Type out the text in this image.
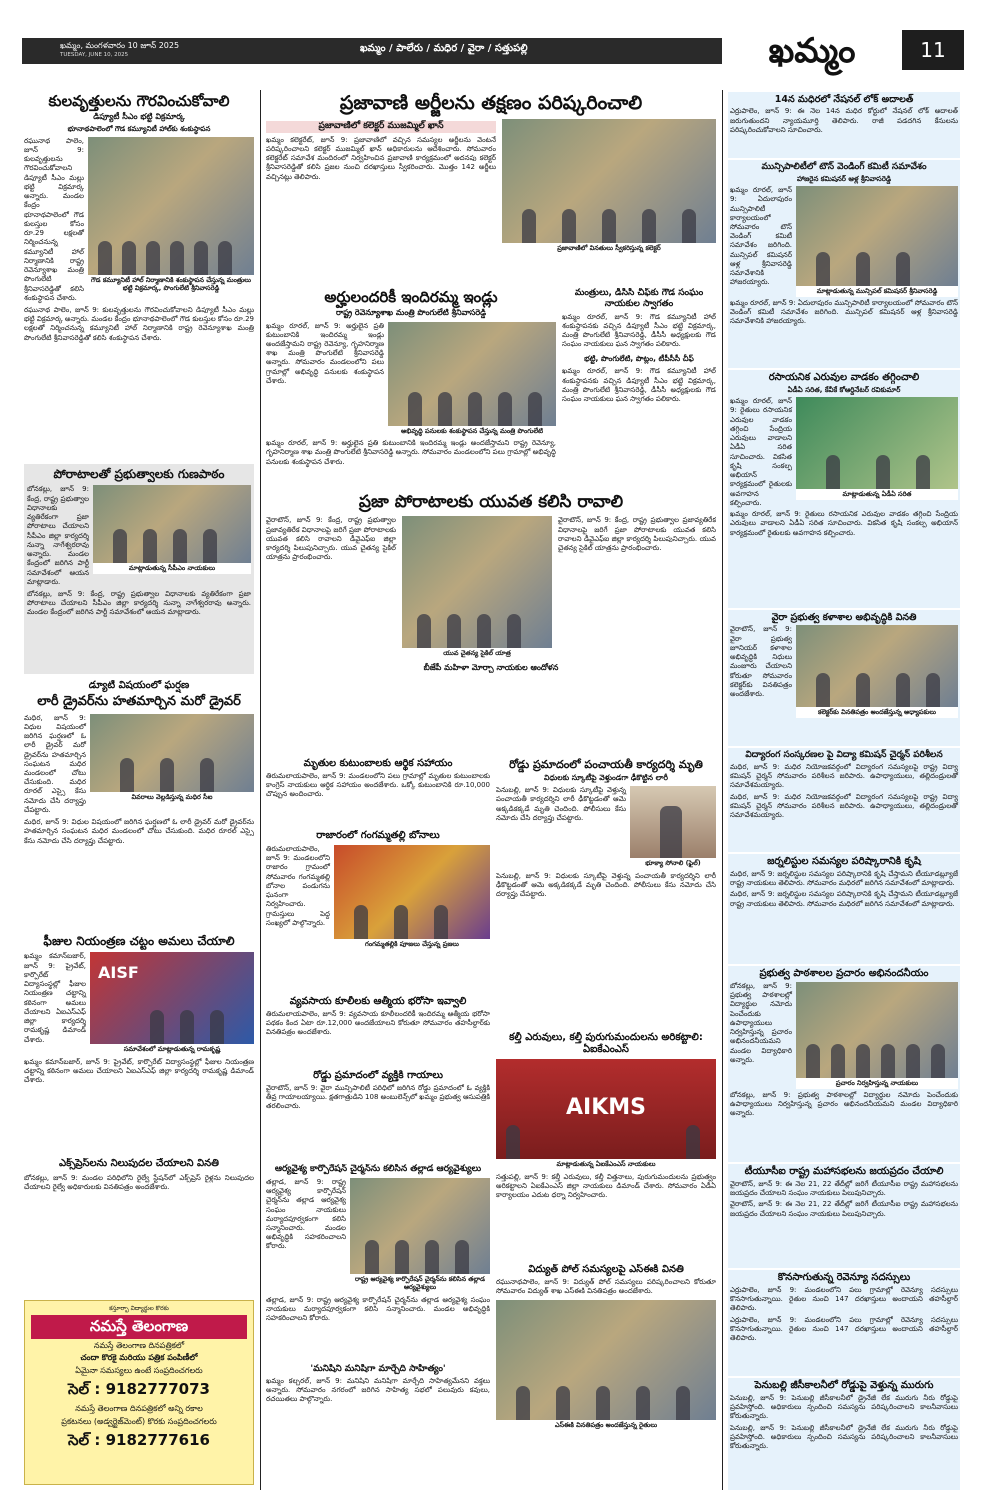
ఖమ్మం, మంగళవారం 10 జూన్ 2025
TUESDAY, JUNE 10, 2025
ఖమ్మం / పాలేరు / మధిర / వైరా / సత్తుపల్లి	ఖమ్మం	11
కులవృత్తులను గౌరవించుకోవాలి
డిప్యూటీ సీఎం భట్టి విక్రమార్క
భూనాథపాలెంలో గౌడ కమ్యూనిటీ హాల్‌కు శంకుస్థాపన
రఘునాథ పాలెం, జూన్ 9: కులవృత్తులను గౌరవించుకోవాలని డిప్యూటీ సీఎం మల్లు భట్టి విక్రమార్క అన్నారు. మండల కేంద్రం భూనాథపాలెంలో గౌడ కులస్తుల కోసం రూ.29 లక్షలతో నిర్మించనున్న కమ్యూనిటీ హాల్ నిర్మాణానికి రాష్ట్ర రెవెన్యూశాఖ మంత్రి పొంగులేటి శ్రీనివాసరెడ్డితో కలిసి శంకుస్థాపన చేశారు.
గౌడ కమ్యూనిటీ హాల్ నిర్మాణానికి శంకుస్థాపన చేస్తున్న మంత్రులు భట్టి విక్రమార్క, పొంగులేటి శ్రీనివాసరెడ్డి
రఘునాథ పాలెం, జూన్ 9: కులవృత్తులను గౌరవించుకోవాలని డిప్యూటీ సీఎం మల్లు భట్టి విక్రమార్క అన్నారు. మండల కేంద్రం భూనాథపాలెంలో గౌడ కులస్తుల కోసం రూ.29 లక్షలతో నిర్మించనున్న కమ్యూనిటీ హాల్ నిర్మాణానికి రాష్ట్ర రెవెన్యూశాఖ మంత్రి పొంగులేటి శ్రీనివాసరెడ్డితో కలిసి శంకుస్థాపన చేశారు.
పోరాటాలతో ప్రభుత్వాలకు గుణపాఠం
బోనకల్లు, జూన్ 9: కేంద్ర, రాష్ట్ర ప్రభుత్వాల విధానాలకు వ్యతిరేకంగా ప్రజా పోరాటాలు చేయాలని సీపీఎం జిల్లా కార్యదర్శి నున్నా నాగేశ్వరరావు అన్నారు. మండల కేంద్రంలో జరిగిన పార్టీ సమావేశంలో ఆయన మాట్లాడారు.
మాట్లాడుతున్న సీపీఎం నాయకులు
బోనకల్లు, జూన్ 9: కేంద్ర, రాష్ట్ర ప్రభుత్వాల విధానాలకు వ్యతిరేకంగా ప్రజా పోరాటాలు చేయాలని సీపీఎం జిల్లా కార్యదర్శి నున్నా నాగేశ్వరరావు అన్నారు. మండల కేంద్రంలో జరిగిన పార్టీ సమావేశంలో ఆయన మాట్లాడారు.
డ్యూటీ విషయంలో ఘర్షణ
లారీ డ్రైవర్‌ను హతమార్చిన మరో డ్రైవర్
మధిర, జూన్ 9: విధుల విషయంలో జరిగిన ఘర్షణలో ఓ లారీ డ్రైవర్ మరో డ్రైవర్‌ను హతమార్చిన సంఘటన మధిర మండలంలో చోటు చేసుకుంది. మధిర రూరల్ ఎస్సై కేసు నమోదు చేసి దర్యాప్తు చేపట్టారు.
వివరాలు వెల్లడిస్తున్న మధిర సీఐ
మధిర, జూన్ 9: విధుల విషయంలో జరిగిన ఘర్షణలో ఓ లారీ డ్రైవర్ మరో డ్రైవర్‌ను హతమార్చిన సంఘటన మధిర మండలంలో చోటు చేసుకుంది. మధిర రూరల్ ఎస్సై కేసు నమోదు చేసి దర్యాప్తు చేపట్టారు.
ఫీజుల నియంత్రణ చట్టం అమలు చేయాలి
ఖమ్మం కమాన్‌బజార్, జూన్ 9: ప్రైవేట్, కార్పొరేట్ విద్యాసంస్థల్లో ఫీజుల నియంత్రణ చట్టాన్ని కఠినంగా అమలు చేయాలని ఏఐఎస్ఎఫ్ జిల్లా కార్యదర్శి రామకృష్ణ డిమాండ్ చేశారు.
AISF
సమావేశంలో మాట్లాడుతున్న రామకృష్ణ
ఖమ్మం కమాన్‌బజార్, జూన్ 9: ప్రైవేట్, కార్పొరేట్ విద్యాసంస్థల్లో ఫీజుల నియంత్రణ చట్టాన్ని కఠినంగా అమలు చేయాలని ఏఐఎస్ఎఫ్ జిల్లా కార్యదర్శి రామకృష్ణ డిమాండ్ చేశారు.
ఎక్స్‌ప్రెస్‌లను నిలుపుదల చేయాలని వినతి
బోనకల్లు, జూన్ 9: మండల పరిధిలోని రైల్వే స్టేషన్‌లో ఎక్స్‌ప్రెస్ రైళ్లను నిలుపుదల చేయాలని రైల్వే అధికారులకు వినతిపత్రం అందజేశారు.
కస్తూర్బా విద్యార్థుల కొరకు
నమస్తే తెలంగాణ
నమస్తే తెలంగాణ దినపత్రికలో
చందా కొరకై మరియు పత్రిక పంపిణీలో
ఏమైనా సమస్యలు ఉంటే సంప్రదించగలరు
సెల్ : 9182777073
నమస్తే తెలంగాణ దినపత్రికలో అన్ని రకాల
ప్రకటనలు (అడ్వర్టైజ్‌మెంట్) కొరకు సంప్రదించగలరు
సెల్ : 9182777616
ప్రజావాణి అర్జీలను తక్షణం పరిష్కరించాలి
ప్రజావాణిలో కలెక్టర్ ముజమ్మిల్ ఖాన్
ఖమ్మం కలెక్టరేట్, జూన్ 9: ప్రజావాణిలో వచ్చిన సమస్యల అర్జీలను వెంటనే పరిష్కరించాలని కలెక్టర్ ముజమ్మిల్ ఖాన్ అధికారులను ఆదేశించారు. సోమవారం కలెక్టరేట్ సమావేశ మందిరంలో నిర్వహించిన ప్రజావాణి కార్యక్రమంలో అదనపు కలెక్టర్ శ్రీనివాసరెడ్డితో కలిసి ప్రజల నుంచి దరఖాస్తులు స్వీకరించారు. మొత్తం 142 అర్జీలు వచ్చినట్లు తెలిపారు.
ప్రజావాణిలో వినతులు స్వీకరిస్తున్న కలెక్టర్
అర్హులందరికీ ఇందిరమ్మ ఇండ్లు
రాష్ట్ర రెవెన్యూశాఖ మంత్రి పొంగులేటి శ్రీనివాసరెడ్డి
ఖమ్మం రూరల్, జూన్ 9: అర్హులైన ప్రతి కుటుంబానికి ఇందిరమ్మ ఇండ్లు అందజేస్తామని రాష్ట్ర రెవెన్యూ, గృహనిర్మాణ శాఖ మంత్రి పొంగులేటి శ్రీనివాసరెడ్డి అన్నారు. సోమవారం మండలంలోని పలు గ్రామాల్లో అభివృద్ధి పనులకు శంకుస్థాపన చేశారు.
అభివృద్ధి పనులకు శంకుస్థాపన చేస్తున్న మంత్రి పొంగులేటి
ఖమ్మం రూరల్, జూన్ 9: అర్హులైన ప్రతి కుటుంబానికి ఇందిరమ్మ ఇండ్లు అందజేస్తామని రాష్ట్ర రెవెన్యూ, గృహనిర్మాణ శాఖ మంత్రి పొంగులేటి శ్రీనివాసరెడ్డి అన్నారు. సోమవారం మండలంలోని పలు గ్రామాల్లో అభివృద్ధి పనులకు శంకుస్థాపన చేశారు.
మంత్రులు, డీసీసీ చీఫ్‌కు గౌడ సంఘం నాయకుల స్వాగతం
ఖమ్మం రూరల్, జూన్ 9: గౌడ కమ్యూనిటీ హాల్ శంకుస్థాపనకు వచ్చిన డిప్యూటీ సీఎం భట్టి విక్రమార్క, మంత్రి పొంగులేటి శ్రీనివాసరెడ్డి, డీసీసీ అధ్యక్షులకు గౌడ సంఘం నాయకులు ఘన స్వాగతం పలికారు.
భట్టి, పొంగులేటి, పొట్లం, టీపీసీసీ చీఫ్
ఖమ్మం రూరల్, జూన్ 9: గౌడ కమ్యూనిటీ హాల్ శంకుస్థాపనకు వచ్చిన డిప్యూటీ సీఎం భట్టి విక్రమార్క, మంత్రి పొంగులేటి శ్రీనివాసరెడ్డి, డీసీసీ అధ్యక్షులకు గౌడ సంఘం నాయకులు ఘన స్వాగతం పలికారు.
ప్రజా పోరాటాలకు యువత కలిసి రావాలి
వైరాటౌన్, జూన్ 9: కేంద్ర, రాష్ట్ర ప్రభుత్వాల ప్రజావ్యతిరేక విధానాలపై జరిగే ప్రజా పోరాటాలకు యువత కలిసి రావాలని డీవైఎఫ్ఐ జిల్లా కార్యదర్శి పిలుపునిచ్చారు. యువ చైతన్య సైకిల్ యాత్రను ప్రారంభించారు.
యువ చైతన్య సైకిల్ యాత్ర
వైరాటౌన్, జూన్ 9: కేంద్ర, రాష్ట్ర ప్రభుత్వాల ప్రజావ్యతిరేక విధానాలపై జరిగే ప్రజా పోరాటాలకు యువత కలిసి రావాలని డీవైఎఫ్ఐ జిల్లా కార్యదర్శి పిలుపునిచ్చారు. యువ చైతన్య సైకిల్ యాత్రను ప్రారంభించారు.
బీజేపీ మహిళా మోర్చా నాయకుల ఆందోళన
మృతుల కుటుంబాలకు ఆర్థిక సహాయం
తిరుమలాయపాలెం, జూన్ 9: మండలంలోని పలు గ్రామాల్లో మృతుల కుటుంబాలకు కాంగ్రెస్ నాయకులు ఆర్థిక సహాయం అందజేశారు. ఒక్కో కుటుంబానికి రూ.10,000 చొప్పున అందించారు.
రాజారంలో గంగమ్మతల్లి బోనాలు
తిరుమలాయపాలెం, జూన్ 9: మండలంలోని రాజారం గ్రామంలో సోమవారం గంగమ్మతల్లి బోనాల పండుగను ఘనంగా నిర్వహించారు. గ్రామస్తులు పెద్ద సంఖ్యలో పాల్గొన్నారు.
గంగమ్మతల్లికి పూజలు చేస్తున్న ప్రజలు
వ్యవసాయ కూలీలకు ఆత్మీయ భరోసా ఇవ్వాలి
తిరుమలాయపాలెం, జూన్ 9: వ్యవసాయ కూలీలందరికీ ఇందిరమ్మ ఆత్మీయ భరోసా పథకం కింద ఏటా రూ.12,000 అందజేయాలని కోరుతూ సోమవారం తహసీల్దార్‌కు వినతిపత్రం అందజేశారు.
రోడ్డు ప్రమాదంలో వ్యక్తికి గాయాలు
వైరాటౌన్, జూన్ 9: వైరా మున్సిపాలిటీ పరిధిలో జరిగిన రోడ్డు ప్రమాదంలో ఓ వ్యక్తికి తీవ్ర గాయాలయ్యాయి. క్షతగాత్రుడిని 108 అంబులెన్స్‌లో ఖమ్మం ప్రభుత్వ ఆసుపత్రికి తరలించారు.
ఆర్యవైశ్య కార్పొరేషన్ చైర్మన్‌ను కలిసిన తల్లాడ ఆర్యవైశ్యులు
తల్లాడ, జూన్ 9: రాష్ట్ర ఆర్యవైశ్య కార్పొరేషన్ చైర్మన్‌ను తల్లాడ ఆర్యవైశ్య సంఘం నాయకులు మర్యాదపూర్వకంగా కలిసి సన్మానించారు. మండల అభివృద్ధికి సహకరించాలని కోరారు.
రాష్ట్ర ఆర్యవైశ్య కార్పొరేషన్ చైర్మన్‌ను కలిసిన తల్లాడ ఆర్యవైశ్యులు
తల్లాడ, జూన్ 9: రాష్ట్ర ఆర్యవైశ్య కార్పొరేషన్ చైర్మన్‌ను తల్లాడ ఆర్యవైశ్య సంఘం నాయకులు మర్యాదపూర్వకంగా కలిసి సన్మానించారు. మండల అభివృద్ధికి సహకరించాలని కోరారు.
'మనిషిని మనిషిగా మార్చేది సాహిత్యం'
ఖమ్మం కల్చరల్, జూన్ 9: మనిషిని మనిషిగా మార్చేది సాహిత్యమేనని వక్తలు అన్నారు. సోమవారం నగరంలో జరిగిన సాహిత్య సభలో పలువురు కవులు, రచయితలు పాల్గొన్నారు.
రోడ్డు ప్రమాదంలో పంచాయతీ కార్యదర్శి మృతి
విధులకు స్కూటీపై వెళ్తుండగా ఢీకొట్టిన లారీ
పెనుబల్లి, జూన్ 9: విధులకు స్కూటీపై వెళ్తున్న పంచాయతీ కార్యదర్శిని లారీ ఢీకొట్టడంతో ఆమె అక్కడికక్కడే మృతి చెందింది. పోలీసులు కేసు నమోదు చేసి దర్యాప్తు చేపట్టారు.
భూక్యా సోనాలి (ఫైల్)
పెనుబల్లి, జూన్ 9: విధులకు స్కూటీపై వెళ్తున్న పంచాయతీ కార్యదర్శిని లారీ ఢీకొట్టడంతో ఆమె అక్కడికక్కడే మృతి చెందింది. పోలీసులు కేసు నమోదు చేసి దర్యాప్తు చేపట్టారు.
కల్తీ ఎరువులు, కల్తీ పురుగుమందులను అరికట్టాలి: ఏఐకేఎంఎస్
AIKMS
మాట్లాడుతున్న ఏఐకేఎంఎస్ నాయకులు
సత్తుపల్లి, జూన్ 9: కల్తీ ఎరువులు, కల్తీ విత్తనాలు, పురుగుమందులను ప్రభుత్వం అరికట్టాలని ఏఐకేఎంఎస్ జిల్లా నాయకులు డిమాండ్ చేశారు. సోమవారం ఏడీఏ కార్యాలయం ఎదుట ధర్నా నిర్వహించారు.
విద్యుత్ పోల్ సమస్యలపై ఎస్ఈకి వినతి
రఘునాథపాలెం, జూన్ 9: విద్యుత్ పోల్ సమస్యలు పరిష్కరించాలని కోరుతూ సోమవారం విద్యుత్ శాఖ ఎస్ఈకి వినతిపత్రం అందజేశారు.
ఎస్ఈకి వినతిపత్రం అందజేస్తున్న రైతులు
14న మధిరలో నేషనల్ లోక్ అదాలత్
ఎర్రుపాలెం, జూన్ 9: ఈ నెల 14న మధిర కోర్టులో నేషనల్ లోక్ అదాలత్ జరుగుతుందని న్యాయమూర్తి తెలిపారు. రాజీ పడదగిన కేసులను పరిష్కరించుకోవాలని సూచించారు.
మున్సిపాలిటీలో టౌన్ వెండింగ్ కమిటీ సమావేశం
హాజరైన కమిషనర్ ఆళ్ల శ్రీనివాసరెడ్డి
ఖమ్మం రూరల్, జూన్ 9: ఏదులాపురం మున్సిపాలిటీ కార్యాలయంలో సోమవారం టౌన్ వెండింగ్ కమిటీ సమావేశం జరిగింది. మున్సిపల్ కమిషనర్ ఆళ్ల శ్రీనివాసరెడ్డి సమావేశానికి హాజరయ్యారు.
మాట్లాడుతున్న మున్సిపల్ కమిషనర్ శ్రీనివాసరెడ్డి
ఖమ్మం రూరల్, జూన్ 9: ఏదులాపురం మున్సిపాలిటీ కార్యాలయంలో సోమవారం టౌన్ వెండింగ్ కమిటీ సమావేశం జరిగింది. మున్సిపల్ కమిషనర్ ఆళ్ల శ్రీనివాసరెడ్డి సమావేశానికి హాజరయ్యారు.
రసాయనిక ఎరువుల వాడకం తగ్గించాలి
ఏడీఏ సరిత, కేవీకే కోఆర్డినేటర్ రవికుమార్
ఖమ్మం రూరల్, జూన్ 9: రైతులు రసాయనిక ఎరువుల వాడకం తగ్గించి సేంద్రియ ఎరువులు వాడాలని ఏడీఏ సరిత సూచించారు. వికసిత కృషి సంకల్ప అభియాన్ కార్యక్రమంలో రైతులకు అవగాహన కల్పించారు.
మాట్లాడుతున్న ఏడీఏ సరిత
ఖమ్మం రూరల్, జూన్ 9: రైతులు రసాయనిక ఎరువుల వాడకం తగ్గించి సేంద్రియ ఎరువులు వాడాలని ఏడీఏ సరిత సూచించారు. వికసిత కృషి సంకల్ప అభియాన్ కార్యక్రమంలో రైతులకు అవగాహన కల్పించారు.
వైరా ప్రభుత్వ కళాశాల అభివృద్ధికి వినతి
వైరాటౌన్, జూన్ 9: వైరా ప్రభుత్వ జూనియర్ కళాశాల అభివృద్ధికి నిధులు మంజూరు చేయాలని కోరుతూ సోమవారం కలెక్టర్‌కు వినతిపత్రం అందజేశారు.
కలెక్టర్‌కు వినతిపత్రం అందజేస్తున్న అధ్యాపకులు
విద్యారంగ సంస్కరణల పై విద్యా కమిషన్ చైర్మన్ పరిశీలన
మధిర, జూన్ 9: మధిర నియోజకవర్గంలో విద్యారంగ సమస్యలపై రాష్ట్ర విద్యా కమిషన్ చైర్మన్ సోమవారం పరిశీలన జరిపారు. ఉపాధ్యాయులు, తల్లిదండ్రులతో సమావేశమయ్యారు.
మధిర, జూన్ 9: మధిర నియోజకవర్గంలో విద్యారంగ సమస్యలపై రాష్ట్ర విద్యా కమిషన్ చైర్మన్ సోమవారం పరిశీలన జరిపారు. ఉపాధ్యాయులు, తల్లిదండ్రులతో సమావేశమయ్యారు.
జర్నలిస్టుల సమస్యల పరిష్కారానికి కృషి
మధిర, జూన్ 9: జర్నలిస్టుల సమస్యల పరిష్కారానికి కృషి చేస్తామని టీయూడబ్ల్యూజే రాష్ట్ర నాయకులు తెలిపారు. సోమవారం మధిరలో జరిగిన సమావేశంలో మాట్లాడారు.
మధిర, జూన్ 9: జర్నలిస్టుల సమస్యల పరిష్కారానికి కృషి చేస్తామని టీయూడబ్ల్యూజే రాష్ట్ర నాయకులు తెలిపారు. సోమవారం మధిరలో జరిగిన సమావేశంలో మాట్లాడారు.
ప్రభుత్వ పాఠశాలల ప్రచారం అభినందనీయం
బోనకల్లు, జూన్ 9: ప్రభుత్వ పాఠశాలల్లో విద్యార్థుల నమోదు పెంచేందుకు ఉపాధ్యాయులు నిర్వహిస్తున్న ప్రచారం అభినందనీయమని మండల విద్యాధికారి అన్నారు.
ప్రచారం నిర్వహిస్తున్న నాయకులు
బోనకల్లు, జూన్ 9: ప్రభుత్వ పాఠశాలల్లో విద్యార్థుల నమోదు పెంచేందుకు ఉపాధ్యాయులు నిర్వహిస్తున్న ప్రచారం అభినందనీయమని మండల విద్యాధికారి అన్నారు.
టీయూసీఐ రాష్ట్ర మహాసభలను జయప్రదం చేయాలి
వైరాటౌన్, జూన్ 9: ఈ నెల 21, 22 తేదీల్లో జరిగే టీయూసీఐ రాష్ట్ర మహాసభలను జయప్రదం చేయాలని సంఘం నాయకులు పిలుపునిచ్చారు.
వైరాటౌన్, జూన్ 9: ఈ నెల 21, 22 తేదీల్లో జరిగే టీయూసీఐ రాష్ట్ర మహాసభలను జయప్రదం చేయాలని సంఘం నాయకులు పిలుపునిచ్చారు.
కొనసాగుతున్న రెవెన్యూ సదస్సులు
ఎర్రుపాలెం, జూన్ 9: మండలంలోని పలు గ్రామాల్లో రెవెన్యూ సదస్సులు కొనసాగుతున్నాయి. రైతుల నుంచి 147 దరఖాస్తులు అందాయని తహసీల్దార్ తెలిపారు.
ఎర్రుపాలెం, జూన్ 9: మండలంలోని పలు గ్రామాల్లో రెవెన్యూ సదస్సులు కొనసాగుతున్నాయి. రైతుల నుంచి 147 దరఖాస్తులు అందాయని తహసీల్దార్ తెలిపారు.
పెనుబల్లి జీసీకాలనీలో రోడ్డుపై వెళ్తున్న మురుగు
పెనుబల్లి, జూన్ 9: పెనుబల్లి జీసీకాలనీలో డ్రైనేజీ లేక మురుగు నీరు రోడ్డుపై ప్రవహిస్తోంది. అధికారులు స్పందించి సమస్యను పరిష్కరించాలని కాలనీవాసులు కోరుతున్నారు.
పెనుబల్లి, జూన్ 9: పెనుబల్లి జీసీకాలనీలో డ్రైనేజీ లేక మురుగు నీరు రోడ్డుపై ప్రవహిస్తోంది. అధికారులు స్పందించి సమస్యను పరిష్కరించాలని కాలనీవాసులు కోరుతున్నారు.
